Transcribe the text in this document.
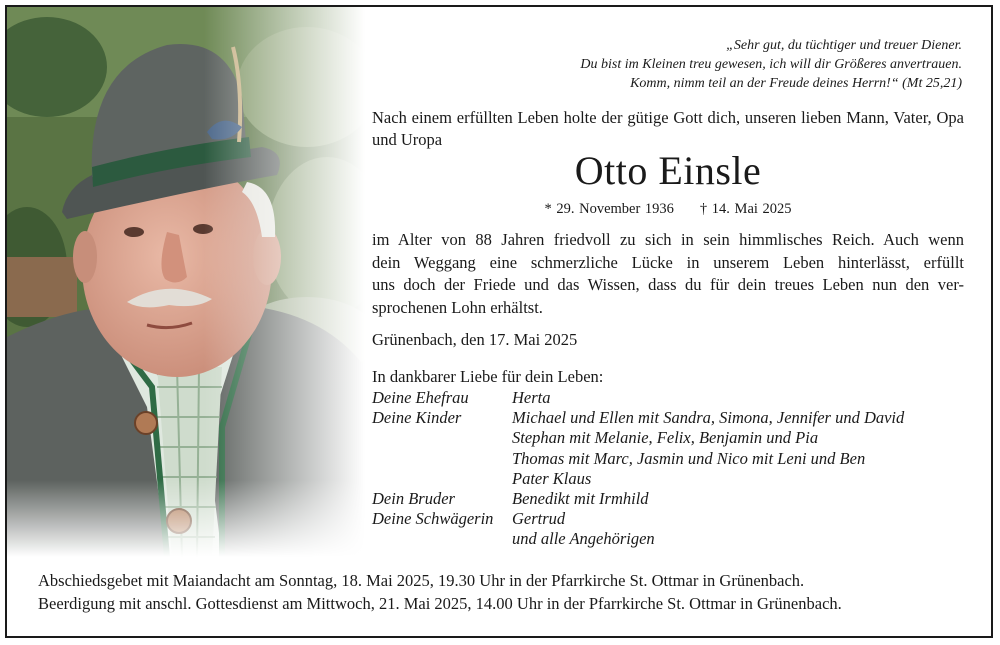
„Sehr gut, du tüchtiger und treuer Diener.
Du bist im Kleinen treu gewesen, ich will dir Größeres anvertrauen.
Komm, nimm teil an der Freude deines Herrn!“ (Mt 25,21)
Nach einem erfüllten Leben holte der gütige Gott dich, unseren lieben Mann, Vater, Opa und Uropa
Otto Einsle
* 29. November 1936 † 14. Mai 2025
im Alter von 88 Jahren friedvoll zu sich in sein himmlisches Reich. Auch wenn
dein Weggang eine schmerzliche Lücke in unserem Leben hinterlässt, erfüllt
uns doch der Friede und das Wissen, dass du für dein treues Leben nun den ver-
sprochenen Lohn erhältst.
Grünenbach, den 17. Mai 2025
In dankbarer Liebe für dein Leben:
Deine Ehefrau	Herta
Deine Kinder	Michael und Ellen mit Sandra, Simona, Jennifer und David
Stephan mit Melanie, Felix, Benjamin und Pia
Thomas mit Marc, Jasmin und Nico mit Leni und Ben
Pater Klaus
Dein Bruder	Benedikt mit Irmhild
Deine Schwägerin	Gertrud
und alle Angehörigen
Abschiedsgebet mit Maiandacht am Sonntag, 18. Mai 2025, 19.30 Uhr in der Pfarrkirche St. Ottmar in Grünenbach.
Beerdigung mit anschl. Gottesdienst am Mittwoch, 21. Mai 2025, 14.00 Uhr in der Pfarrkirche St. Ottmar in Grünenbach.
